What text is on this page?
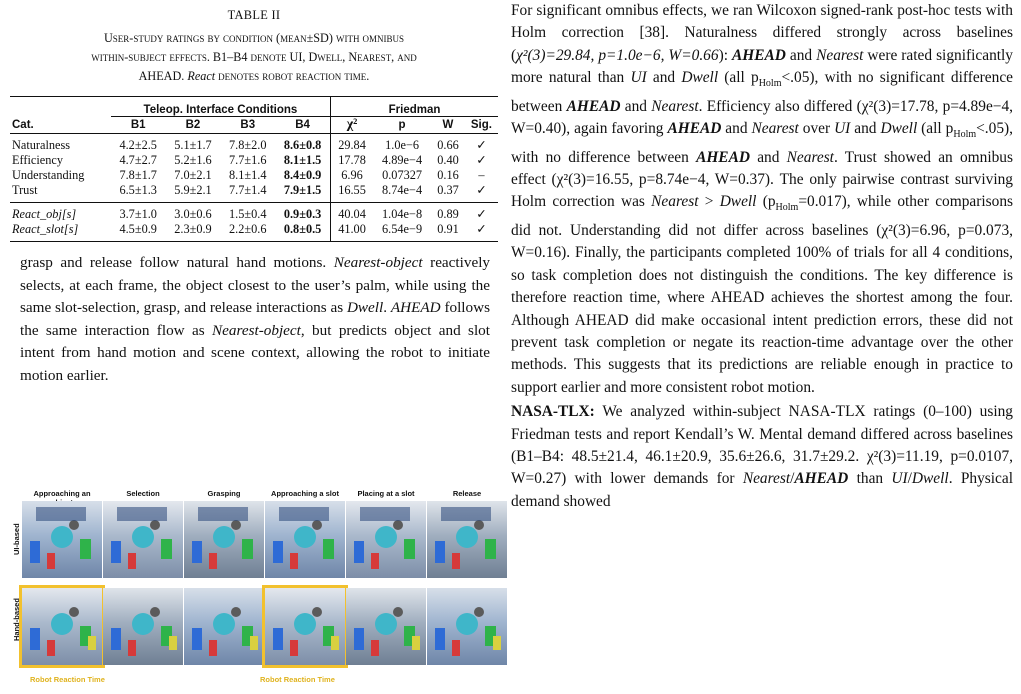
TABLE II
User-study ratings by condition (mean±SD) with omnibus
within-subject effects. B1–B4 denote UI, Dwell, Nearest, and
AHEAD. React denotes robot reaction time.
	Teleop. Interface Conditions				Friedman			
Cat.	B1	B2	B3	B4	χ²	p	W	Sig.
Naturalness	4.2±2.5	5.1±1.7	7.8±2.0	8.6±0.8	29.84	1.0e−6	0.66	✓
Efficiency	4.7±2.7	5.2±1.6	7.7±1.6	8.1±1.5	17.78	4.89e−4	0.40	✓
Understanding	7.8±1.7	7.0±2.1	8.1±1.4	8.4±0.9	6.96	0.07327	0.16	–
Trust	6.5±1.3	5.9±2.1	7.7±1.4	7.9±1.5	16.55	8.74e−4	0.37	✓
React_obj[s]	3.7±1.0	3.0±0.6	1.5±0.4	0.9±0.3	40.04	1.04e−8	0.89	✓
React_slot[s]	4.5±0.9	2.3±0.9	2.2±0.6	0.8±0.5	41.00	6.54e−9	0.91	✓

grasp and release follow natural hand motions. Nearest-object reactively selects, at each frame, the object closest to the user’s palm, while using the same slot-selection, grasp, and release interactions as Dwell. AHEAD follows the same interaction flow as Nearest-object, but predicts object and slot intent from hand motion and scene context, allowing the robot to initiate motion earlier.

Approaching an	Selection	Grasping	Approaching a slot	Placing at a slot	Release
UI-based
Hand-based
Robot Reaction Time	Robot Reaction Time

For significant omnibus effects, we ran Wilcoxon signed-rank post-hoc tests with Holm correction [38]. Naturalness differed strongly across baselines (χ²(3)=29.84, p=1.0e−6, W=0.66): AHEAD and Nearest were rated significantly more natural than UI and Dwell (all $p_{Holm}<.05$), with no significant difference between AHEAD and Nearest. Efficiency also differed (χ²(3)=17.78, p=4.89e−4, W=0.40), again favoring AHEAD and Nearest over UI and Dwell (all $p_{Holm}<.05$), with no difference between AHEAD and Nearest. Trust showed an omnibus effect (χ²(3)=16.55, p=8.74e−4, W=0.37). The only pairwise contrast surviving Holm correction was Nearest > Dwell $(p_{Holm}=0.017)$, while other comparisons did not. Understanding did not differ across baselines (χ²(3)=6.96, p=0.073, W=0.16). Finally, the participants completed 100% of trials for all 4 conditions, so task completion does not distinguish the conditions. The key difference is therefore reaction time, where AHEAD achieves the shortest among the four. Although AHEAD did make occasional intent prediction errors, these did not prevent task completion or negate its reaction-time advantage over the other methods. This suggests that its predictions are reliable enough in practice to support earlier and more consistent robot motion.

NASA-TLX: We analyzed within-subject NASA-TLX ratings (0–100) using Friedman tests and report Kendall’s W. Mental demand differed across baselines (B1–B4: 48.5±21.4, 46.1±20.9, 35.6±26.6, 31.7±29.2. χ²(3)=11.19, p=0.0107, W=0.27) with lower demands for Nearest/AHEAD than UI/Dwell. Physical demand showed
